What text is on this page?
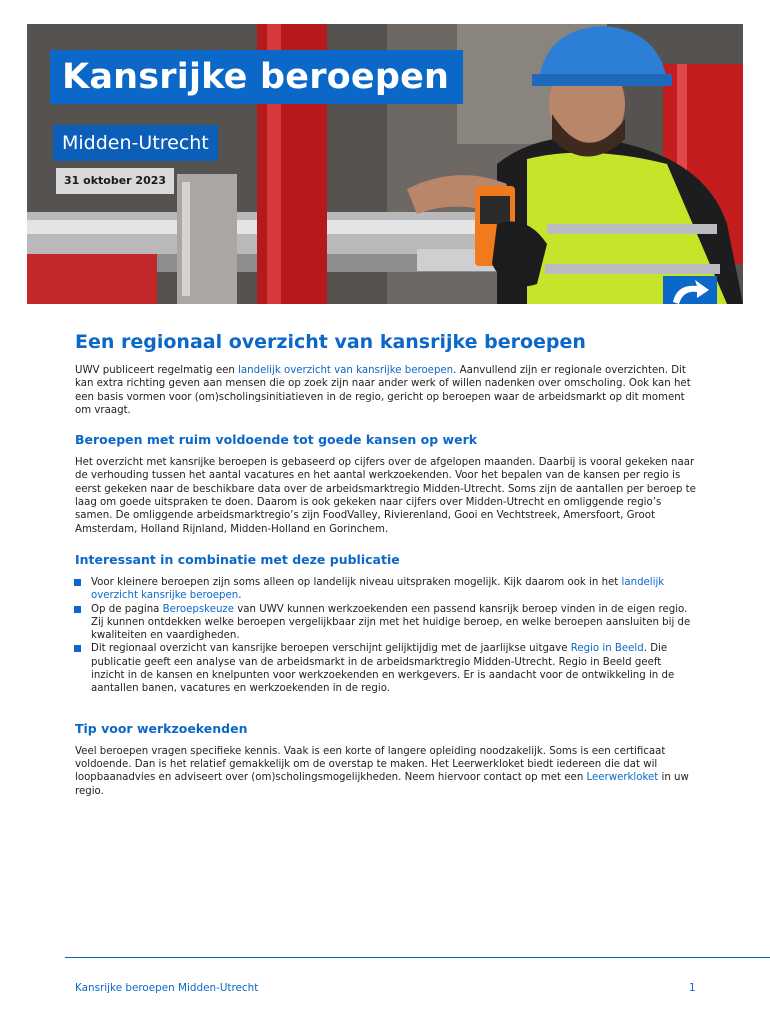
uwv
Kansrijke beroepen
Midden-Utrecht
31 oktober 2023
Een regionaal overzicht van kansrijke beroepen

UWV publiceert regelmatig een landelijk overzicht van kansrijke beroepen. Aanvullend zijn er regionale overzichten. Dit kan extra richting geven aan mensen die op zoek zijn naar ander werk of willen nadenken over omscholing. Ook kan het een basis vormen voor (om)scholingsinitiatieven in de regio, gericht op beroepen waar de arbeidsmarkt op dit moment om vraagt.

Beroepen met ruim voldoende tot goede kansen op werk

Het overzicht met kansrijke beroepen is gebaseerd op cijfers over de afgelopen maanden. Daarbij is vooral gekeken naar de verhouding tussen het aantal vacatures en het aantal werkzoekenden. Voor het bepalen van de kansen per regio is eerst gekeken naar de beschikbare data over de arbeidsmarktregio Midden-Utrecht. Soms zijn de aantallen per beroep te laag om goede uitspraken te doen. Daarom is ook gekeken naar cijfers over Midden-Utrecht en omliggende regio’s samen. De omliggende arbeidsmarktregio’s zijn FoodValley, Rivierenland, Gooi en Vechtstreek, Amersfoort, Groot Amsterdam, Holland Rijnland, Midden-Holland en Gorinchem.

Interessant in combinatie met deze publicatie
Voor kleinere beroepen zijn soms alleen op landelijk niveau uitspraken mogelijk. Kijk daarom ook in het landelijk overzicht kansrijke beroepen.
Op de pagina Beroepskeuze van UWV kunnen werkzoekenden een passend kansrijk beroep vinden in de eigen regio. Zij kunnen ontdekken welke beroepen vergelijkbaar zijn met het huidige beroep, en welke beroepen aansluiten bij de kwaliteiten en vaardigheden.
Dit regionaal overzicht van kansrijke beroepen verschijnt gelijktijdig met de jaarlijkse uitgave Regio in Beeld. Die publicatie geeft een analyse van de arbeidsmarkt in de arbeidsmarktregio Midden-Utrecht. Regio in Beeld geeft inzicht in de kansen en knelpunten voor werkzoekenden en werkgevers. Er is aandacht voor de ontwikkeling in de aantallen banen, vacatures en werkzoekenden in de regio.
Tip voor werkzoekenden

Veel beroepen vragen specifieke kennis. Vaak is een korte of langere opleiding noodzakelijk. Soms is een certificaat voldoende. Dan is het relatief gemakkelijk om de overstap te maken. Het Leerwerkloket biedt iedereen die dat wil loopbaanadvies en adviseert over (om)scholingsmogelijkheden. Neem hiervoor contact op met een Leerwerkloket in uw regio.

Kansrijke beroepen Midden-Utrecht	1
